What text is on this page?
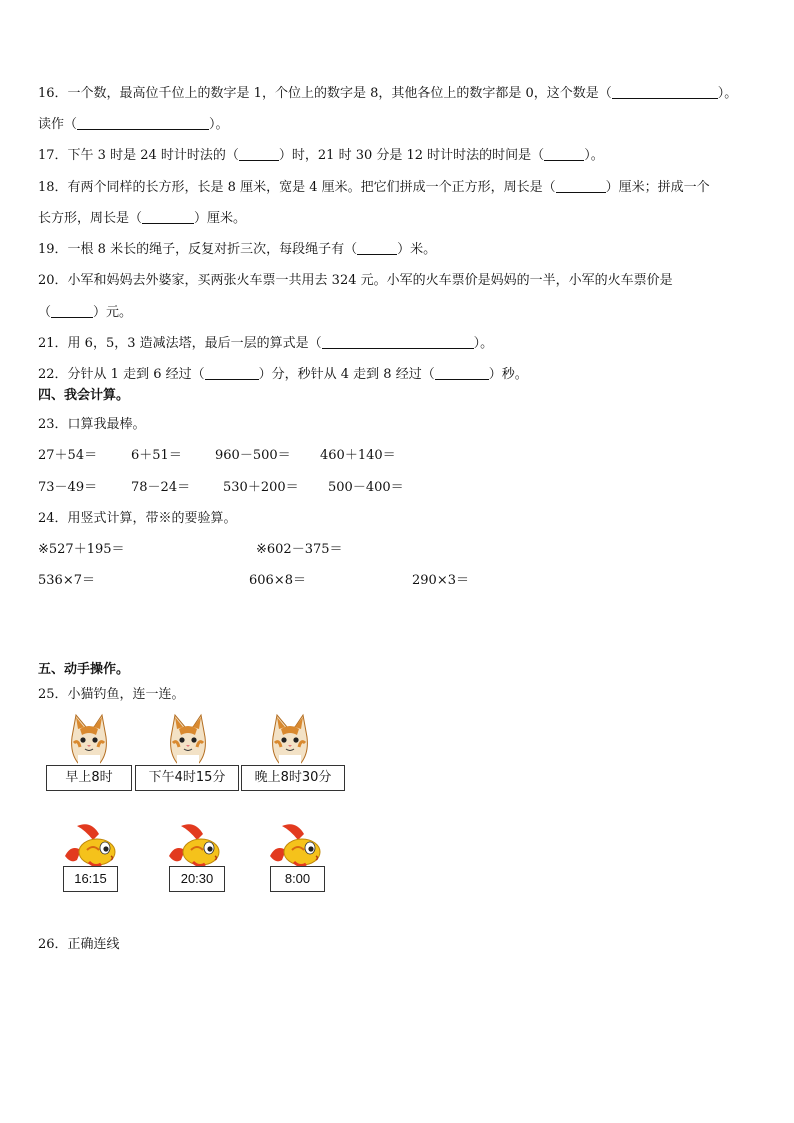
16．一个数，最高位千位上的数字是 1，个位上的数字是 8，其他各位上的数字都是 0，这个数是（	）。
读作（	）。
17．下午 3 时是 24 时计时法的（	）时，21 时 30 分是 12 时计时法的时间是（	）。
18．有两个同样的长方形，长是 8 厘米，宽是 4 厘米。把它们拼成一个正方形，周长是（	）厘米；拼成一个
长方形，周长是（	）厘米。
19．一根 8 米长的绳子，反复对折三次，每段绳子有（	）米。
20．小军和妈妈去外婆家，买两张火车票一共用去 324 元。小军的火车票价是妈妈的一半，小军的火车票价是
（	）元。
21．用 6，5，3 造减法塔，最后一层的算式是（	）。
22．分针从 1 走到 6 经过（	）分，秒针从 4 走到 8 经过（	）秒。
四、我会计算。
23．口算我最棒。
27＋54＝	6＋51＝	960－500＝ 460＋140＝
73－49＝	78－24＝	530＋200＝ 500－400＝
24．用竖式计算，带※的要验算。
※527＋195＝	※602－375＝
536×7＝	606×8＝	290×3＝
五、动手操作。
25．小猫钓鱼，连一连。
早上8时	下午4时15分	晚上8时30分
16:15	20:30	8:00
26．正确连线
